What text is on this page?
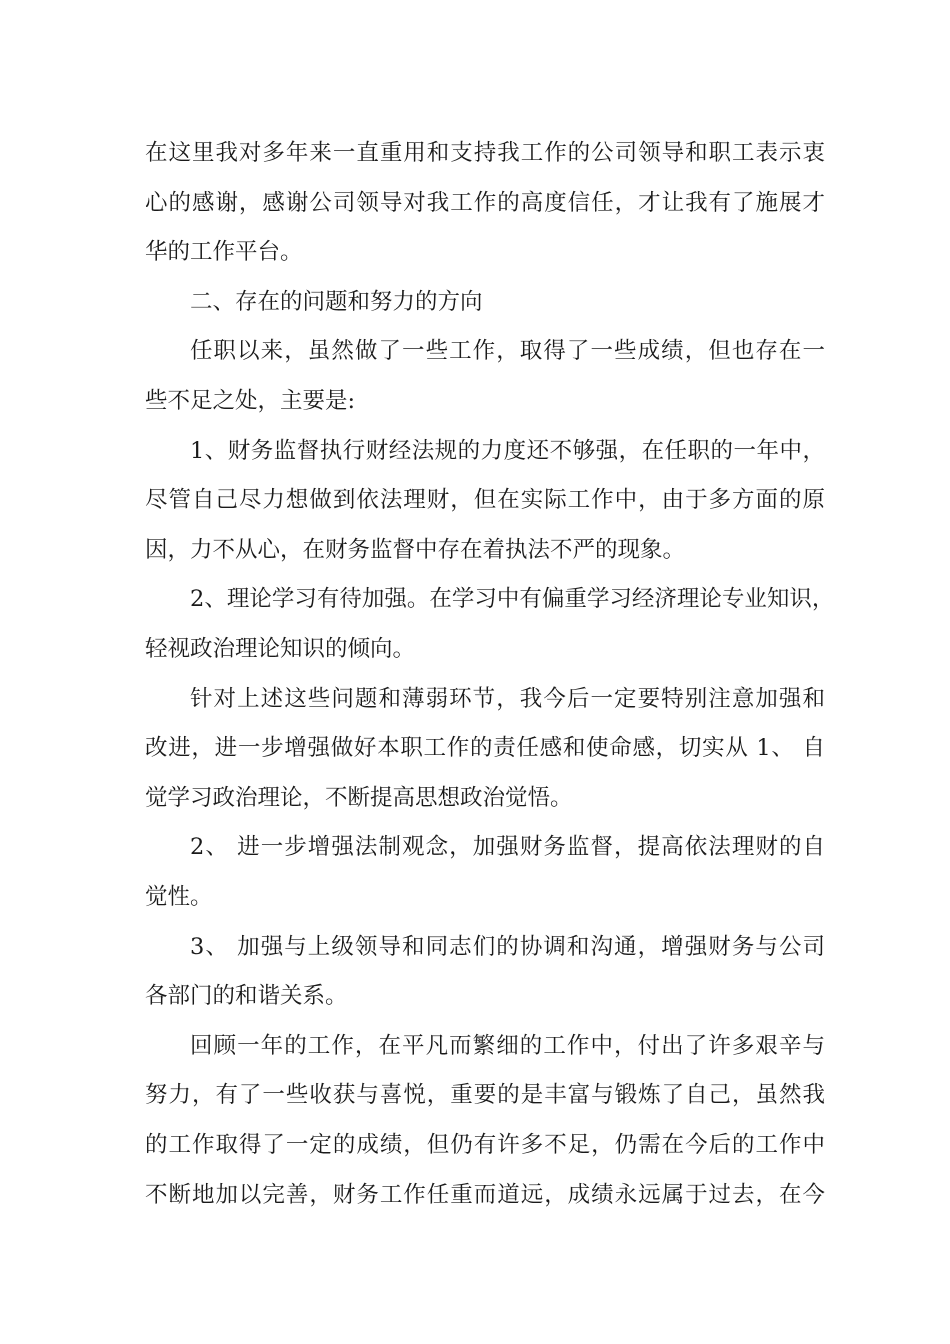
在这里我对多年来一直重用和支持我工作的公司领导和职工表示衷
心的感谢，感谢公司领导对我工作的高度信任，才让我有了施展才
华的工作平台。
二、存在的问题和努力的方向
任职以来，虽然做了一些工作，取得了一些成绩，但也存在一
些不足之处，主要是:
1、财务监督执行财经法规的力度还不够强，在任职的一年中，
尽管自己尽力想做到依法理财，但在实际工作中，由于多方面的原
因，力不从心，在财务监督中存在着执法不严的现象。
2、理论学习有待加强。在学习中有偏重学习经济理论专业知识，
轻视政治理论知识的倾向。
针对上述这些问题和薄弱环节，我今后一定要特别注意加强和
改进，进一步增强做好本职工作的责任感和使命感，切实从 1、 自
觉学习政治理论，不断提高思想政治觉悟。
2、 进一步增强法制观念，加强财务监督，提高依法理财的自
觉性。
3、 加强与上级领导和同志们的协调和沟通，增强财务与公司
各部门的和谐关系。
回顾一年的工作，在平凡而繁细的工作中，付出了许多艰辛与
努力，有了一些收获与喜悦，重要的是丰富与锻炼了自己，虽然我
的工作取得了一定的成绩，但仍有许多不足，仍需在今后的工作中
不断地加以完善，财务工作任重而道远，成绩永远属于过去，在今
